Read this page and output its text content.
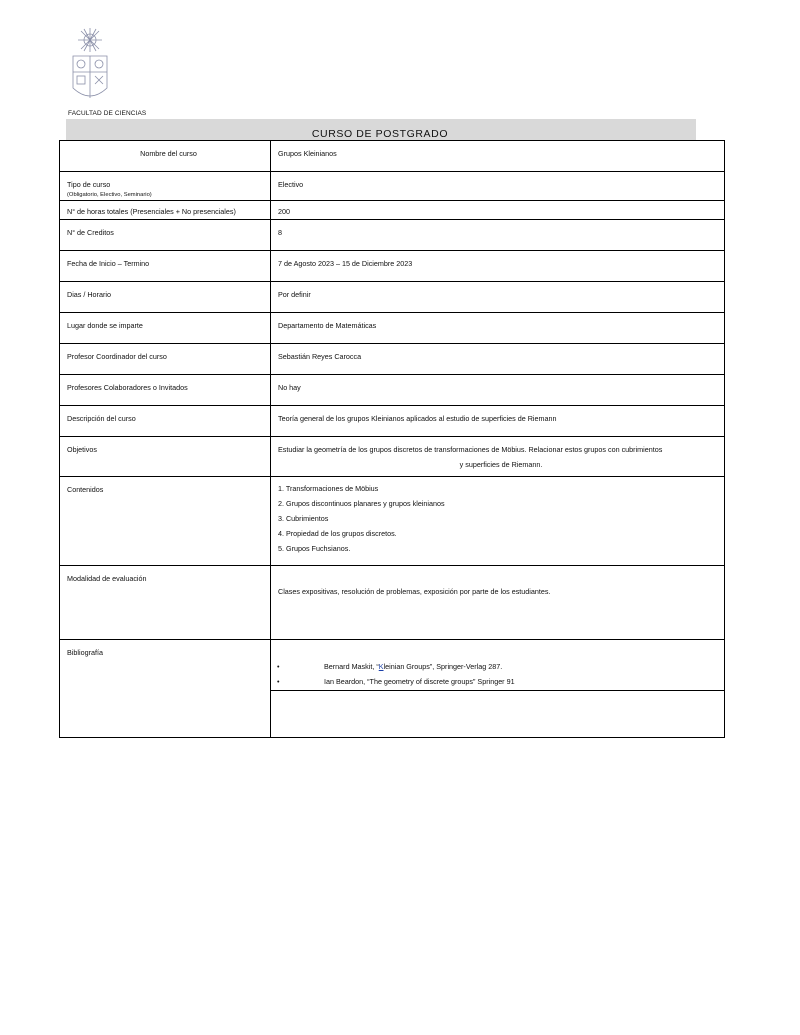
FACULTAD DE CIENCIAS
CURSO DE POSTGRADO
Nombre del curso	Grupos Kleinianos

Tipo de curso
(Obligatorio, Electivo, Seminario)	Electivo

N° de horas totales (Presenciales + No presenciales)	200

N° de Creditos	8

Fecha de Inicio – Termino	7 de Agosto 2023 – 15 de Diciembre 2023

Dias / Horario	Por definir

Lugar donde se imparte	Departamento de Matemáticas

Profesor Coordinador del curso	Sebastián Reyes Carocca

Profesores Colaboradores o Invitados	No hay

Descripción del curso	Teoría general de los grupos Kleinianos aplicados al estudio de superficies de Riemann

Objetivos	Estudiar la geometría de los grupos discretos de transformaciones de Möbius. Relacionar estos grupos con cubrimientos
y superficies de Riemann.

Contenidos	1. Transformaciones de Möbius
2. Grupos discontinuos planares y grupos kleinianos
3. Cubrimientos
4. Propiedad de los grupos discretos.
5. Grupos Fuchsianos.

Modalidad de evaluación	Clases expositivas, resolución de problemas, exposición por parte de los estudiantes.

Bibliografía	• Bernard Maskit, “Kleinian Groups”, Springer-Verlag 287.
• Ian Beardon, “The geometry of discrete groups” Springer 91
